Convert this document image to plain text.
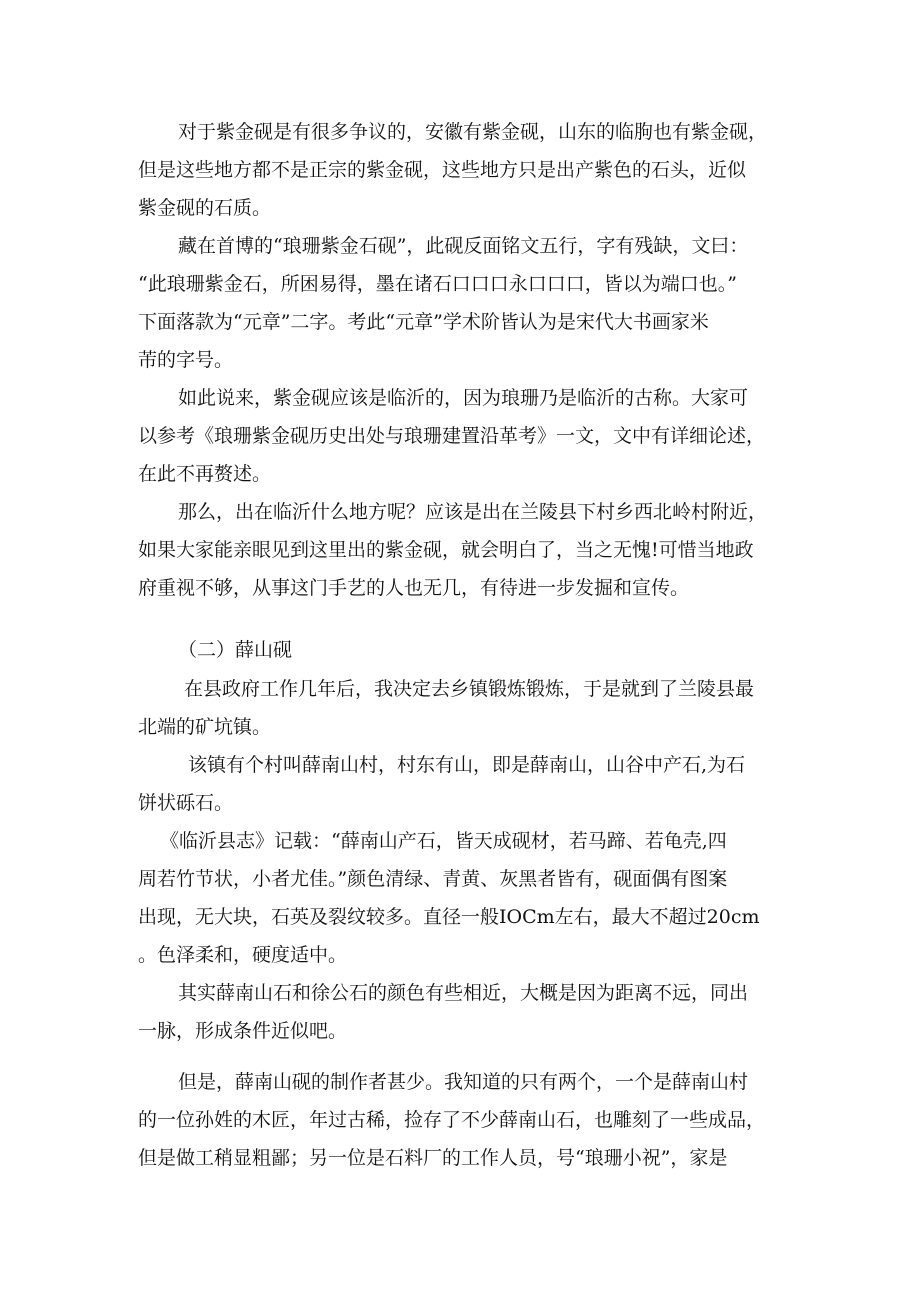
对于紫金砚是有很多争议的，安徽有紫金砚，山东的临朐也有紫金砚，
但是这些地方都不是正宗的紫金砚，这些地方只是出产紫色的石头，近似
紫金砚的石质。
藏在首博的“琅珊紫金石砚”，此砚反面铭文五行，字有残缺，文曰：
“此琅珊紫金石，所困易得，墨在诸石口口口永口口口，皆以为端口也。”
下面落款为“元章”二字。考此“元章”学术阶皆认为是宋代大书画家米
芾的字号。
如此说来，紫金砚应该是临沂的，因为琅珊乃是临沂的古称。大家可
以参考《琅珊紫金砚历史出处与琅珊建置沿革考》一文，文中有详细论述，
在此不再赘述。
那么，出在临沂什么地方呢？应该是出在兰陵县下村乡西北岭村附近，
如果大家能亲眼见到这里出的紫金砚，就会明白了，当之无愧!可惜当地政
府重视不够，从事这门手艺的人也无几，有待进一步发掘和宣传。
（二）薛山砚
在县政府工作几年后，我决定去乡镇锻炼锻炼，于是就到了兰陵县最
北端的矿坑镇。
该镇有个村叫薛南山村，村东有山，即是薛南山，山谷中产石,为石
饼状砾石。
《临沂县志》记载：“薛南山产石，皆天成砚材，若马蹄、若龟壳,四
周若竹节状，小者尤佳。”颜色清绿、青黄、灰黑者皆有，砚面偶有图案
出现，无大块，石英及裂纹较多。直径一般IOCm左右，最大不超过20cm
。色泽柔和，硬度适中。
其实薛南山石和徐公石的颜色有些相近，大概是因为距离不远，同出
一脉，形成条件近似吧。
但是，薛南山砚的制作者甚少。我知道的只有两个，一个是薛南山村
的一位孙姓的木匠，年过古稀，捡存了不少薛南山石，也雕刻了一些成品，
但是做工稍显粗鄙；另一位是石料厂的工作人员，号“琅珊小祝”，家是
